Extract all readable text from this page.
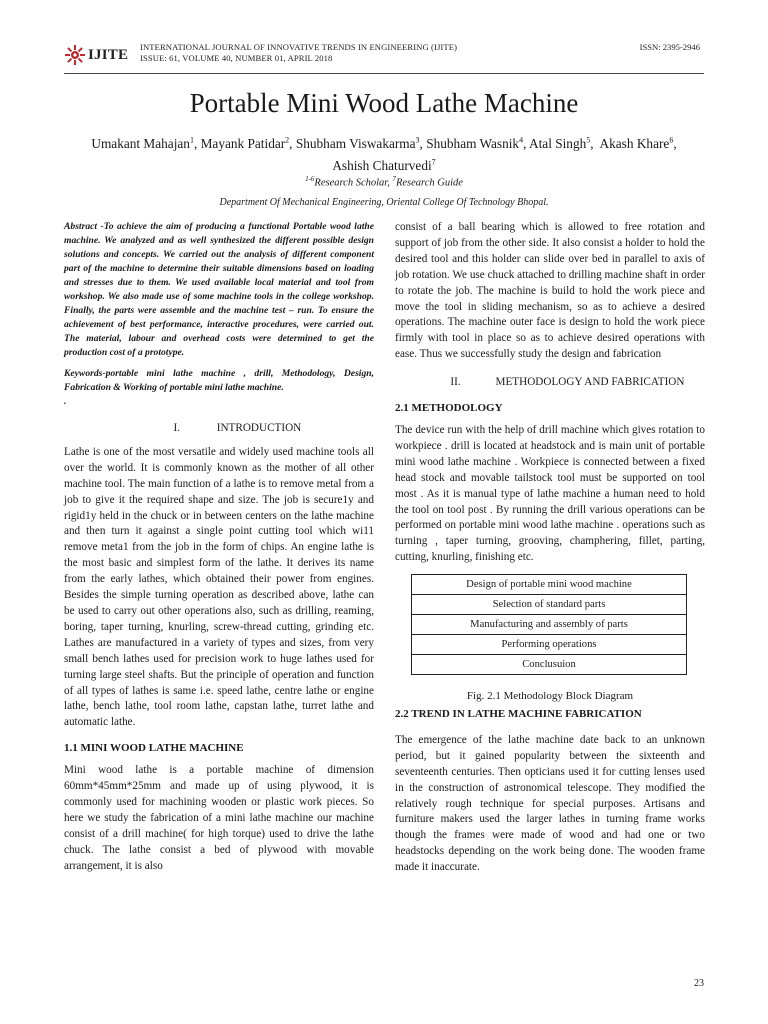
IJITE INTERNATIONAL JOURNAL OF INNOVATIVE TRENDS IN ENGINEERING (IJITE)
ISSUE: 61, VOLUME 40, NUMBER 01, APRIL 2018
ISSN: 2395-2946
Portable Mini Wood Lathe Machine
Umakant Mahajan$^1$, Mayank Patidar$^2$, Shubham Viswakarma$^3$, Shubham Wasnik$^4$, Atal Singh$^5$,  Akash Khare$^6$,
Ashish Chaturvedi$^7$
$^{1-6}$Research Scholar, $^7$Research Guide
Department Of Mechanical Engineering, Oriental College Of Technology Bhopal.

Abstract -To achieve the aim of producing a functional Portable wood lathe machine. We analyzed and as well synthesized the different possible design solutions and concepts. We carried out the analysis of different component part of the machine to determine their suitable dimensions based on loading and stresses due to them. We used available local material and tool from workshop. We also made use of some machine tools in the college workshop. Finally, the parts were assemble and the machine test – run. To ensure the achievement of best performance, interactive procedures, were carried out. The material, labour and overhead costs were determined to get the production cost of a prototype.

Keywords-portable mini lathe machine , drill, Methodology, Design, Fabrication & Working of portable mini lathe machine.

.

I.	INTRODUCTION

Lathe is one of the most versatile and widely used machine tools all over the world. It is commonly known as the mother of all other machine tool. The main function of a lathe is to remove metal from a job to give it the required shape and size. The job is secure1y and rigid1y held in the chuck or in between centers on the lathe machine and then turn it against a single point cutting tool which wi11 remove meta1 from the job in the form of chips. An engine lathe is the most basic and simplest form of the lathe. It derives its name from the early lathes, which obtained their power from engines. Besides the simple turning operation as described above, lathe can be used to carry out other operations also, such as drilling, reaming, boring, taper turning, knurling, screw-thread cutting, grinding etc. Lathes are manufactured in a variety of types and sizes, from very small bench lathes used for precision work to huge lathes used for turning large steel shafts. But the principle of operation and function of all types of lathes is same i.e. speed lathe, centre lathe or engine lathe, bench lathe, tool room lathe, capstan lathe, turret lathe and automatic lathe.

1.1 MINI WOOD LATHE MACHINE

Mini wood lathe is a portable machine of dimension 60mm*45mm*25mm and made up of using plywood, it is commonly used for machining wooden or plastic work pieces. So here we study the fabrication of a mini lathe machine our machine consist of a drill machine( for high torque) used to drive the lathe chuck. The lathe consist a bed of plywood with movable arrangement, it is also

consist of a ball bearing which is allowed to free rotation and support of job from the other side. It also consist a holder to hold the desired tool and this holder can slide over bed in parallel to axis of job rotation. We use chuck attached to drilling machine shaft in order to rotate the job. The machine is build to hold the work piece and move the tool in sliding mechanism, so as to achieve a desired operations. The machine outer face is design to hold the work piece firmly with tool in place so as to achieve desired operations with ease. Thus we successfully study the design and fabrication

II.	METHODOLOGY AND FABRICATION
2.1 METHODOLOGY

The device run with the help of drill machine which gives rotation to workpiece . drill is located at headstock and is main unit of portable mini wood lathe machine . Workpiece is connected between a fixed head stock and movable tailstock tool must be supported on tool most . As it is manual type of lathe machine a human need to hold the tool on tool post . By running the drill various operations can be performed on portable mini wood lathe machine . operations such as turning , taper turning, grooving, champhering, fillet, parting, cutting, knurling, finishing etc.

Design of portable mini wood machine
Selection of standard parts
Manufacturing and assembly of parts
Performing operations
Conclusuion
Fig. 2.1 Methodology Block Diagram
2.2 TREND IN LATHE MACHINE FABRICATION

The emergence of the lathe machine date back to an unknown period, but it gained popularity between the sixteenth and seventeenth centuries. Then opticians used it for cutting lenses used in the construction of astronomical telescope. They modified the relatively rough technique for special purposes. Artisans and furniture makers used the larger lathes in turning frame works though the frames were made of wood and had one or two headstocks depending on the work being done. The wooden frame made it inaccurate.

23
